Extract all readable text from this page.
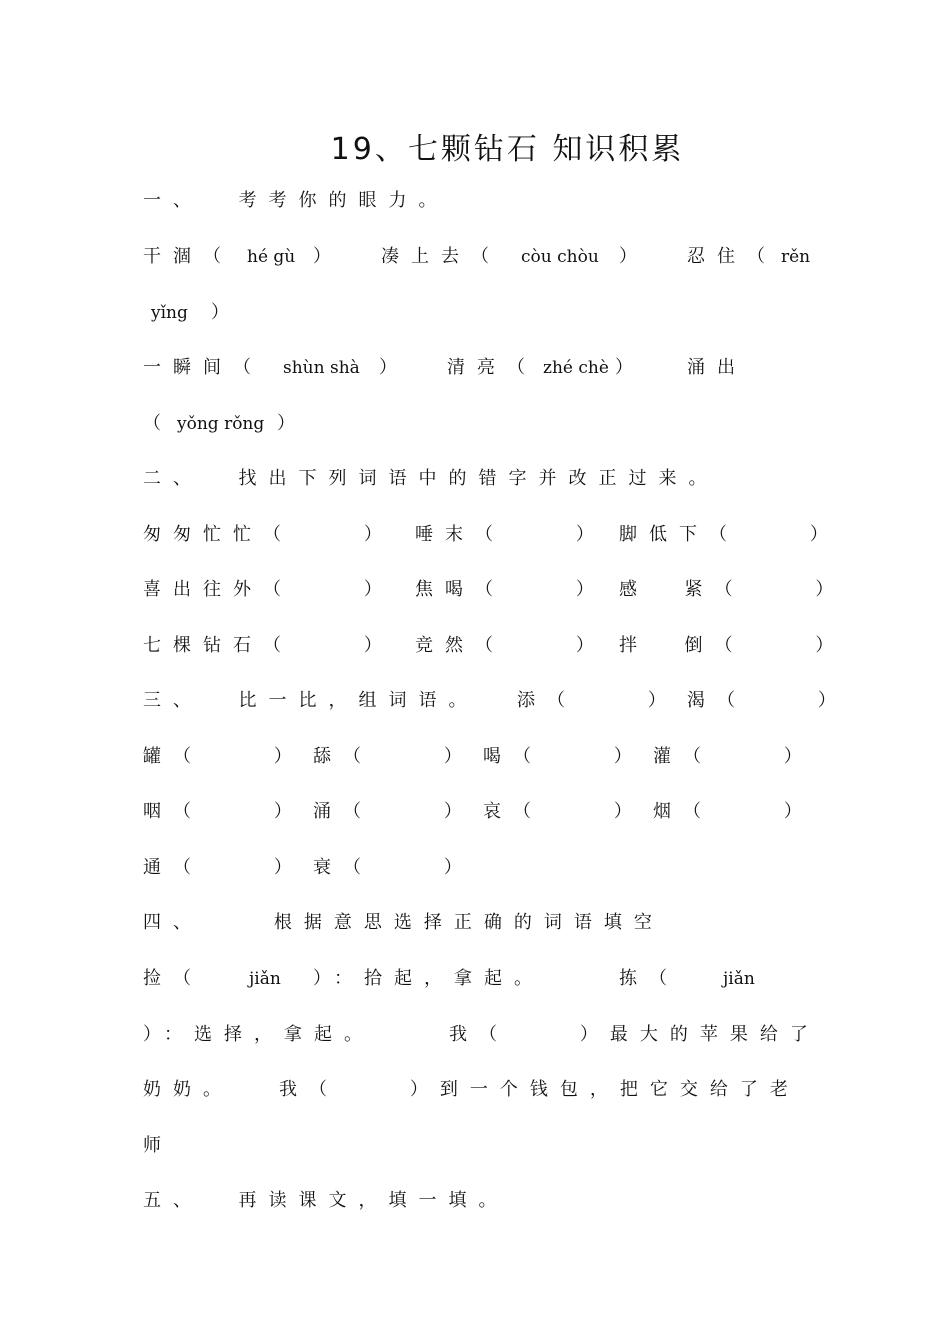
19、七颗钻石 知识积累
一、  考考你的眼力。
干涸（ hé gù ） 凑上去（ còu chòu ） 忍住（ rěn
yǐng ）
一瞬间（ shùn shà ） 清亮（ zhé chè ） 涌出
（ yǒng rǒng ）
二、  找出下列词语中的错字并改正过来。
匆匆忙忙（    ） 唾末（    ） 脚低下（    ）
喜出往外（    ） 焦喝（    ） 感  紧（    ）
七棵钻石（    ） 竞然（    ） 拌  倒（    ）
三、  比一比，组词语。 添（    ） 渴（    ）
罐（    ） 舔（    ） 喝（    ） 灌（    ）
咽（    ） 涌（    ） 哀（    ） 烟（    ）
通（    ） 衰（    ）
四、    根据意思选择正确的词语填空
捡（	jiǎn ）：拾起，拿起。	拣（	jiǎn
）：选择，拿起。	我（    ）最大的苹果给了
奶奶。	我（    ）到一个钱包，把它交给了老
师
五、  再读课文，填一填。
